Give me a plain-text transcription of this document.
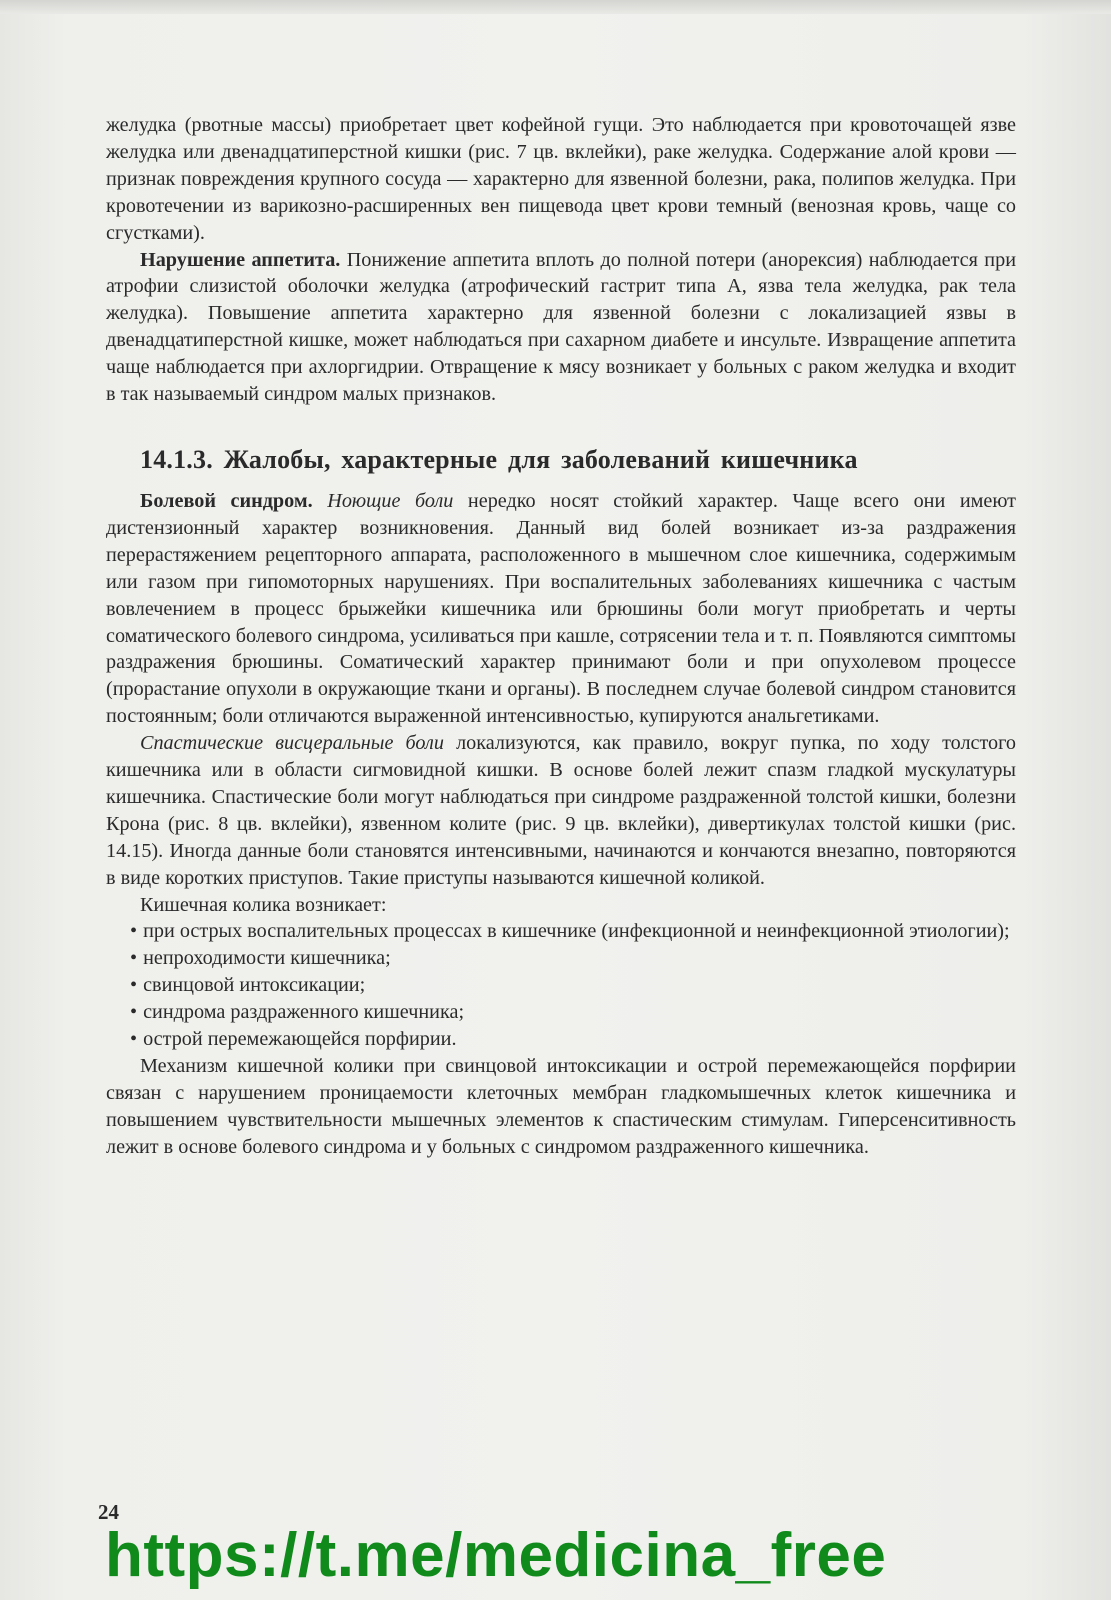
желудка (рвотные массы) приобретает цвет кофейной гущи. Это наблюдается при кровоточащей язве желудка или двенадцатиперстной кишки (рис. 7 цв. вклейки), раке желудка. Содержание алой крови — признак повреждения крупного сосуда — характерно для язвенной болезни, рака, полипов желудка. При кровотечении из варикозно-расширенных вен пищевода цвет крови темный (венозная кровь, чаще со сгустками).

Нарушение аппетита. Понижение аппетита вплоть до полной потери (анорексия) наблюдается при атрофии слизистой оболочки желудка (атрофический гастрит типа А, язва тела желудка, рак тела желудка). Повышение аппетита характерно для язвенной болезни с локализацией язвы в двенадцатиперстной кишке, может наблюдаться при сахарном диабете и инсульте. Извращение аппетита чаще наблюдается при ахлоргидрии. Отвращение к мясу возникает у больных с раком желудка и входит в так называемый синдром малых признаков.

14.1.3. Жалобы, характерные для заболеваний кишечника

Болевой синдром. Ноющие боли нередко носят стойкий характер. Чаще всего они имеют дистензионный характер возникновения. Данный вид болей возникает из-за раздражения перерастяжением рецепторного аппарата, расположенного в мышечном слое кишечника, содержимым или газом при гипомоторных нарушениях. При воспалительных заболеваниях кишечника с частым вовлечением в процесс брыжейки кишечника или брюшины боли могут приобретать и черты соматического болевого синдрома, усиливаться при кашле, сотрясении тела и т. п. Появляются симптомы раздражения брюшины. Соматический характер принимают боли и при опухолевом процессе (прорастание опухоли в окружающие ткани и органы). В последнем случае болевой синдром становится постоянным; боли отличаются выраженной интенсивностью, купируются анальгетиками.

Спастические висцеральные боли локализуются, как правило, вокруг пупка, по ходу толстого кишечника или в области сигмовидной кишки. В основе болей лежит спазм гладкой мускулатуры кишечника. Спастические боли могут наблюдаться при синдроме раздраженной толстой кишки, болезни Крона (рис. 8 цв. вклейки), язвенном колите (рис. 9 цв. вклейки), дивертикулах толстой кишки (рис. 14.15). Иногда данные боли становятся интенсивными, начинаются и кончаются внезапно, повторяются в виде коротких приступов. Такие приступы называются кишечной коликой.

Кишечная колика возникает:

• при острых воспалительных процессах в кишечнике (инфекционной и неинфекционной этиологии);
• непроходимости кишечника;
• свинцовой интоксикации;
• синдрома раздраженного кишечника;
• острой перемежающейся порфирии.

Механизм кишечной колики при свинцовой интоксикации и острой перемежающейся порфирии связан с нарушением проницаемости клеточных мембран гладкомышечных клеток кишечника и повышением чувствительности мышечных элементов к спастическим стимулам. Гиперсенситивность лежит в основе болевого синдрома и у больных с синдромом раздраженного кишечника.

24
https://t.me/medicina_free
